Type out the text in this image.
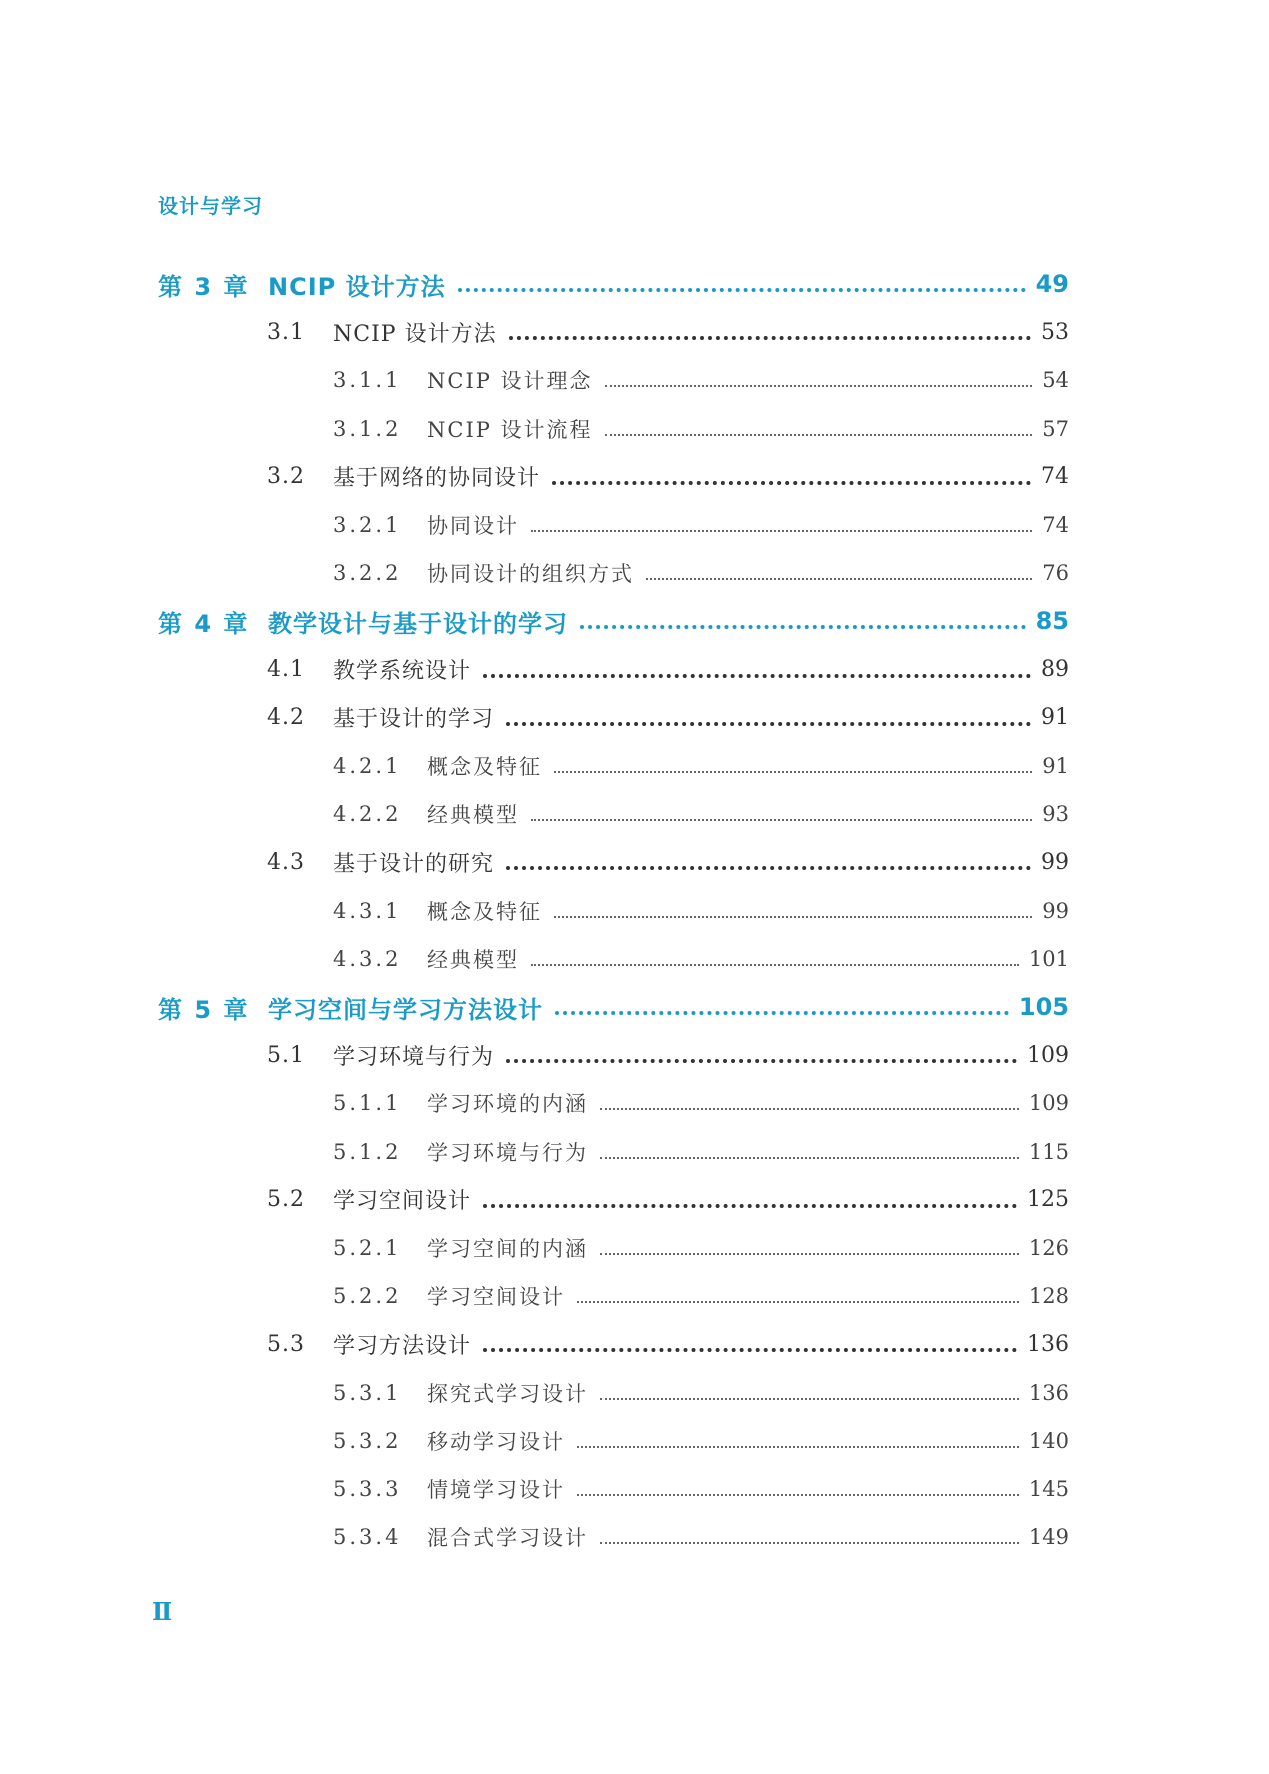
设计与学习
第 3 章 NCIP 设计方法	49
3.1 NCIP 设计方法	53
3.1.1 NCIP 设计理念	54
3.1.2 NCIP 设计流程	57
3.2 基于网络的协同设计	74
3.2.1 协同设计	74
3.2.2 协同设计的组织方式	76
第 4 章 教学设计与基于设计的学习	85
4.1 教学系统设计	89
4.2 基于设计的学习	91
4.2.1 概念及特征	91
4.2.2 经典模型	93
4.3 基于设计的研究	99
4.3.1 概念及特征	99
4.3.2 经典模型	101
第 5 章 学习空间与学习方法设计	105
5.1 学习环境与行为	109
5.1.1 学习环境的内涵	109
5.1.2 学习环境与行为	115
5.2 学习空间设计	125
5.2.1 学习空间的内涵	126
5.2.2 学习空间设计	128
5.3 学习方法设计	136
5.3.1 探究式学习设计	136
5.3.2 移动学习设计	140
5.3.3 情境学习设计	145
5.3.4 混合式学习设计	149
Ⅱ
